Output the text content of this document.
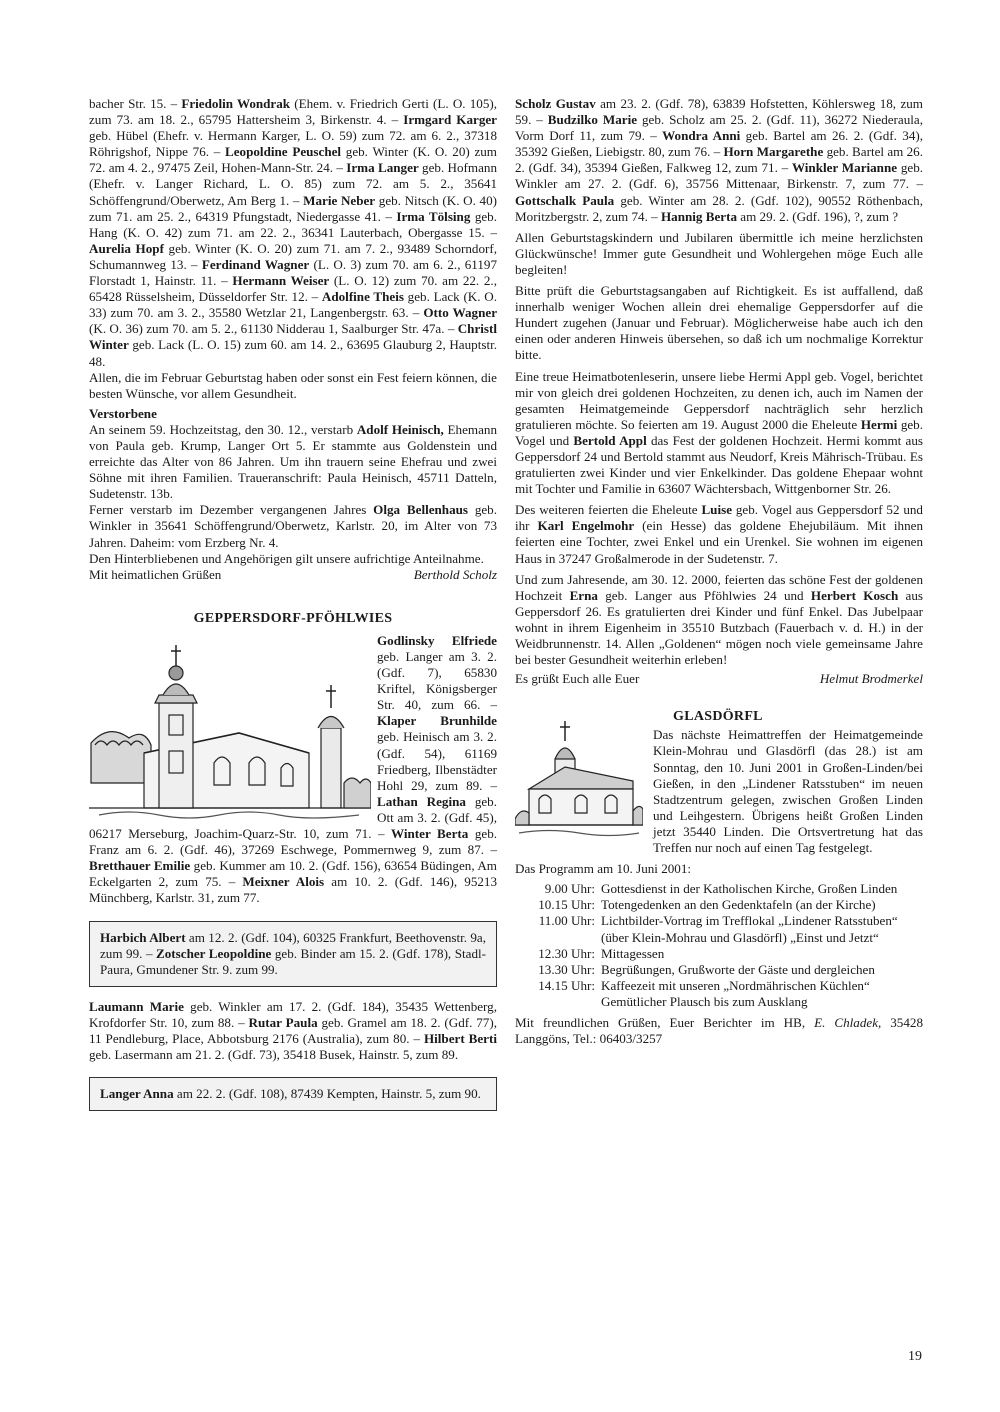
bacher Str. 15. – Friedolin Wondrak (Ehem. v. Friedrich Gerti (L. O. 105), zum 73. am 18. 2., 65795 Hattersheim 3, Birkenstr. 4. – Irmgard Karger geb. Hübel (Ehefr. v. Hermann Karger, L. O. 59) zum 72. am 6. 2., 37318 Röhrigshof, Nippe 76. – Leopoldine Peuschel geb. Winter (K. O. 20) zum 72. am 4. 2., 97475 Zeil, Hohen-Mann-Str. 24. – Irma Langer geb. Hofmann (Ehefr. v. Langer Richard, L. O. 85) zum 72. am 5. 2., 35641 Schöffengrund/Oberwetz, Am Berg 1. – Marie Neber geb. Nitsch (K. O. 40) zum 71. am 25. 2., 64319 Pfungstadt, Niedergasse 41. – Irma Tölsing geb. Hang (K. O. 42) zum 71. am 22. 2., 36341 Lauterbach, Obergasse 15. – Aurelia Hopf geb. Winter (K. O. 20) zum 71. am 7. 2., 93489 Schorndorf, Schumannweg 13. – Ferdinand Wagner (L. O. 3) zum 70. am 6. 2., 61197 Florstadt 1, Hainstr. 11. – Hermann Weiser (L. O. 12) zum 70. am 22. 2., 65428 Rüsselsheim, Düsseldorfer Str. 12. – Adolfine Theis geb. Lack (K. O. 33) zum 70. am 3. 2., 35580 Wetzlar 21, Langenbergstr. 63. – Otto Wagner (K. O. 36) zum 70. am 5. 2., 61130 Nidderau 1, Saalburger Str. 47a. – Christl Winter geb. Lack (L. O. 15) zum 60. am 14. 2., 63695 Glauburg 2, Hauptstr. 48.

Allen, die im Februar Geburtstag haben oder sonst ein Fest feiern können, die besten Wünsche, vor allem Gesundheit.

Verstorbene

An seinem 59. Hochzeitstag, den 30. 12., verstarb Adolf Heinisch, Ehemann von Paula geb. Krump, Langer Ort 5. Er stammte aus Goldenstein und erreichte das Alter von 86 Jahren. Um ihn trauern seine Ehefrau und zwei Söhne mit ihren Familien. Traueranschrift: Paula Heinisch, 45711 Datteln, Sudetenstr. 13b.

Ferner verstarb im Dezember vergangenen Jahres Olga Bellenhaus geb. Winkler in 35641 Schöffengrund/Oberwetz, Karlstr. 20, im Alter von 73 Jahren. Daheim: vom Erzberg Nr. 4.

Den Hinterbliebenen und Angehörigen gilt unsere aufrichtige Anteilnahme.

Mit heimatlichen Grüßen	Berthold Scholz
GEPPERSDORF-PFÖHLWIES

Godlinsky Elfriede geb. Langer am 3. 2. (Gdf. 7), 65830 Kriftel, Königsberger Str. 40, zum 66. – Klaper Brunhilde geb. Heinisch am 3. 2. (Gdf. 54), 61169 Friedberg, Ilbenstädter Hohl 29, zum 89. – Lathan Regina geb. Ott am 3. 2. (Gdf. 45), 06217 Merseburg, Joachim-Quarz-Str. 10, zum 71. – Winter Berta geb. Franz am 6. 2. (Gdf. 46), 37269 Eschwege, Pommernweg 9, zum 87. – Bretthauer Emilie geb. Kummer am 10. 2. (Gdf. 156), 63654 Büdingen, Am Eckelgarten 2, zum 75. – Meixner Alois am 10. 2. (Gdf. 146), 95213 Münchberg, Karlstr. 31, zum 77.

Harbich Albert am 12. 2. (Gdf. 104), 60325 Frankfurt, Beethovenstr. 9a, zum 99. – Zotscher Leopoldine geb. Binder am 15. 2. (Gdf. 178), Stadl-Paura, Gmundener Str. 9. zum 99.

Laumann Marie geb. Winkler am 17. 2. (Gdf. 184), 35435 Wettenberg, Krofdorfer Str. 10, zum 88. – Rutar Paula geb. Gramel am 18. 2. (Gdf. 77), 11 Pendleburg, Place, Abbotsburg 2176 (Australia), zum 80. – Hilbert Berti geb. Lasermann am 21. 2. (Gdf. 73), 35418 Busek, Hainstr. 5, zum 89.

Langer Anna am 22. 2. (Gdf. 108), 87439 Kempten, Hainstr. 5, zum 90.

Scholz Gustav am 23. 2. (Gdf. 78), 63839 Hofstetten, Köhlersweg 18, zum 59. – Budzilko Marie geb. Scholz am 25. 2. (Gdf. 11), 36272 Niederaula, Vorm Dorf 11, zum 79. – Wondra Anni geb. Bartel am 26. 2. (Gdf. 34), 35392 Gießen, Liebigstr. 80, zum 76. – Horn Margarethe geb. Bartel am 26. 2. (Gdf. 34), 35394 Gießen, Falkweg 12, zum 71. – Winkler Marianne geb. Winkler am 27. 2. (Gdf. 6), 35756 Mittenaar, Birkenstr. 7, zum 77. – Gottschalk Paula geb. Winter am 28. 2. (Gdf. 102), 90552 Röthenbach, Moritzbergstr. 2, zum 74. – Hannig Berta am 29. 2. (Gdf. 196), ?, zum ?

Allen Geburtstagskindern und Jubilaren übermittle ich meine herzlichsten Glückwünsche! Immer gute Gesundheit und Wohlergehen möge Euch alle begleiten!

Bitte prüft die Geburtstagsangaben auf Richtigkeit. Es ist auffallend, daß innerhalb weniger Wochen allein drei ehemalige Geppersdorfer auf die Hundert zugehen (Januar und Februar). Möglicherweise habe auch ich den einen oder anderen Hinweis übersehen, so daß ich um nochmalige Korrektur bitte.

Eine treue Heimatbotenleserin, unsere liebe Hermi Appl geb. Vogel, berichtet mir von gleich drei goldenen Hochzeiten, zu denen ich, auch im Namen der gesamten Heimatgemeinde Geppersdorf nachträglich sehr herzlich gratulieren möchte. So feierten am 19. August 2000 die Eheleute Hermi geb. Vogel und Bertold Appl das Fest der goldenen Hochzeit. Hermi kommt aus Geppersdorf 24 und Bertold stammt aus Neudorf, Kreis Mährisch-Trübau. Es gratulierten zwei Kinder und vier Enkelkinder. Das goldene Ehepaar wohnt mit Tochter und Familie in 63607 Wächtersbach, Wittgenborner Str. 26.

Des weiteren feierten die Eheleute Luise geb. Vogel aus Geppersdorf 52 und ihr Karl Engelmohr (ein Hesse) das goldene Ehejubiläum. Mit ihnen feierten eine Tochter, zwei Enkel und ein Urenkel. Sie wohnen im eigenen Haus in 37247 Großalmerode in der Sudetenstr. 7.

Und zum Jahresende, am 30. 12. 2000, feierten das schöne Fest der goldenen Hochzeit Erna geb. Langer aus Pföhlwies 24 und Herbert Kosch aus Geppersdorf 26. Es gratulierten drei Kinder und fünf Enkel. Das Jubelpaar wohnt in ihrem Eigenheim in 35510 Butzbach (Fauerbach v. d. H.) in der Weidbrunnenstr. 14. Allen „Goldenen“ mögen noch viele gemeinsame Jahre bei bester Gesundheit weiterhin erleben!

Es grüßt Euch alle Euer	Helmut Brodmerkel
GLASDÖRFL

Das nächste Heimattreffen der Heimatgemeinde Klein-Mohrau und Glasdörfl (das 28.) ist am Sonntag, den 10. Juni 2001 in Großen-Linden/bei Gießen, in den „Lindener Ratsstuben“ im neuen Stadtzentrum gelegen, zwischen Großen Linden und Leihgestern. Übrigens heißt Großen Linden jetzt 35440 Linden. Die Ortsvertretung hat das Treffen nur noch auf einen Tag festgelegt.

Das Programm am 10. Juni 2001:

9.00 Uhr: Gottesdienst in der Katholischen Kirche, Großen Linden
10.15 Uhr: Totengedenken an den Gedenktafeln (an der Kirche)
11.00 Uhr: Lichtbilder-Vortrag im Trefflokal „Lindener Ratsstuben“ (über Klein-Mohrau und Glasdörfl) „Einst und Jetzt“
12.30 Uhr: Mittagessen
13.30 Uhr: Begrüßungen, Grußworte der Gäste und dergleichen
14.15 Uhr: Kaffeezeit mit unseren „Nordmährischen Küchlen“ Gemütlicher Plausch bis zum Ausklang

Mit freundlichen Grüßen, Euer Berichter im HB, E. Chladek, 35428 Langgöns, Tel.: 06403/3257

19
